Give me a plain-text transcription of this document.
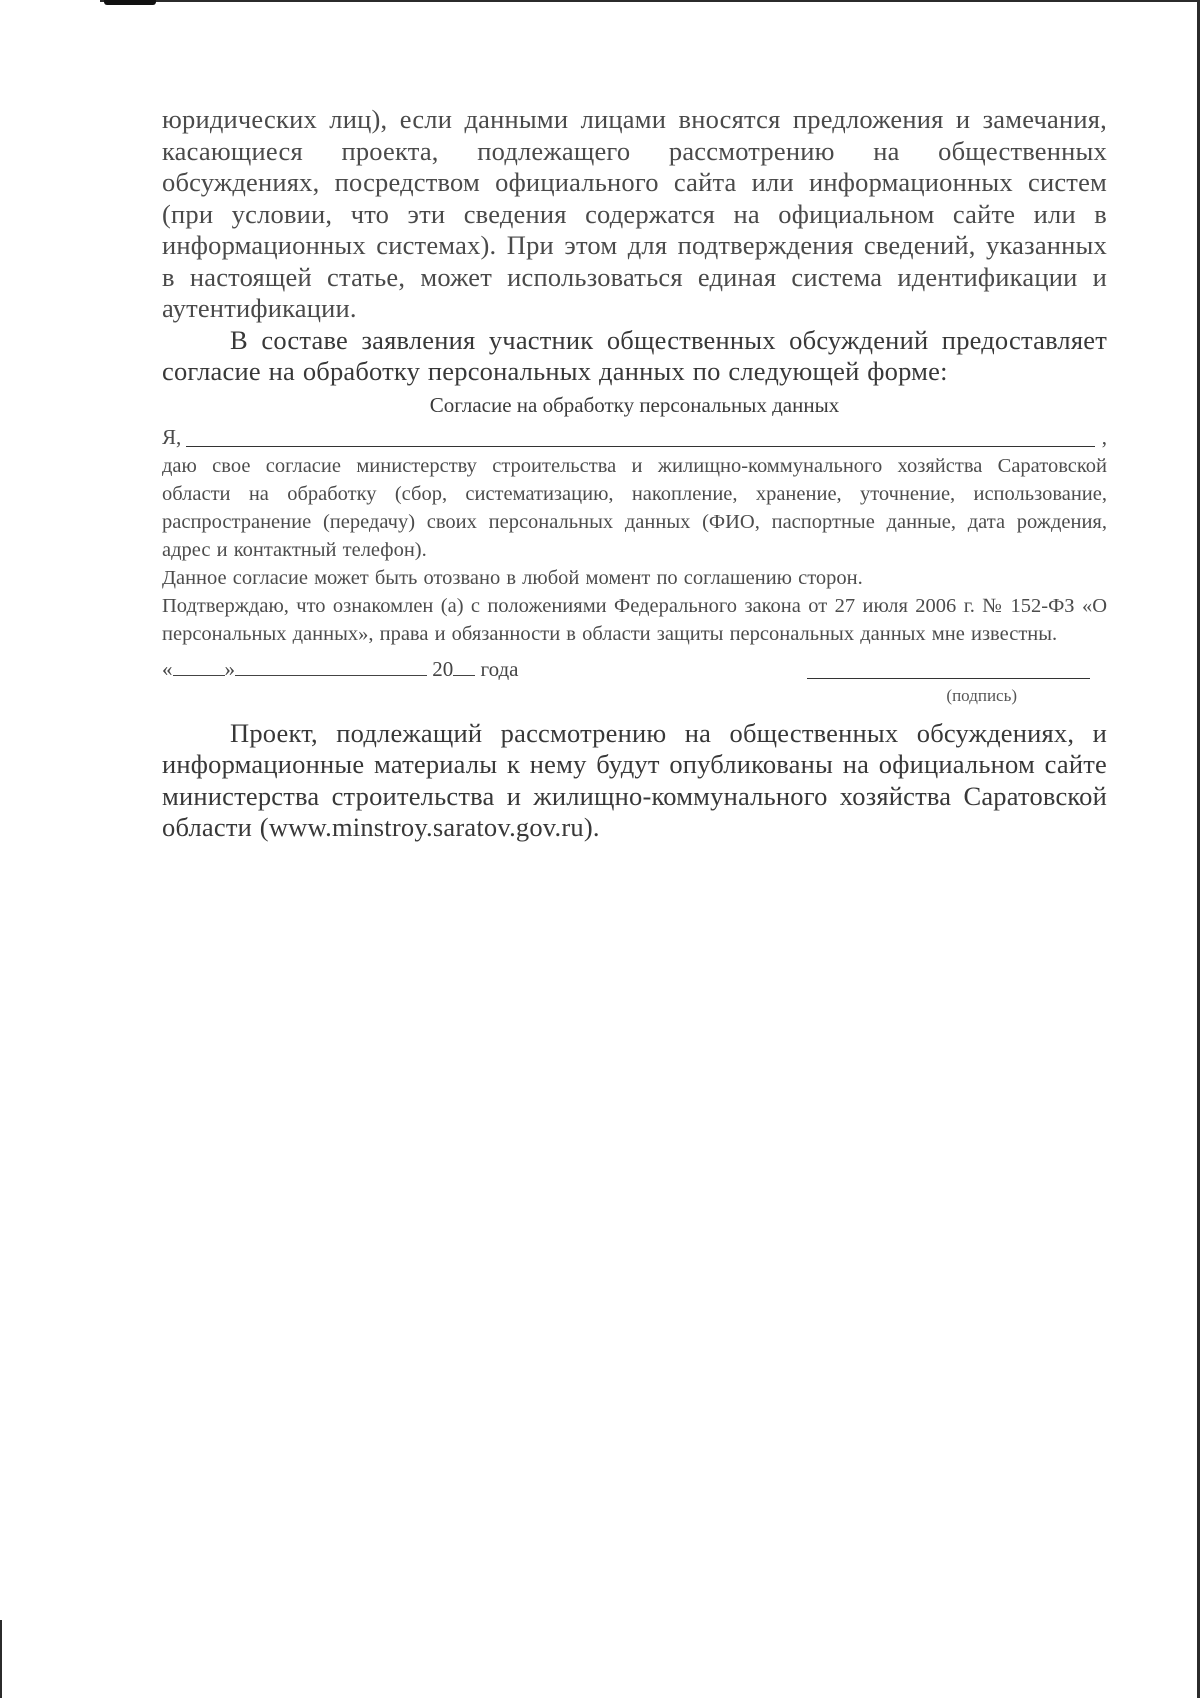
юридических лиц), если данными лицами вносятся предложения и замечания, касающиеся проекта, подлежащего рассмотрению на общественных обсуждениях, посредством официального сайта или информационных систем (при условии, что эти сведения содержатся на официальном сайте или в информационных системах). При этом для подтверждения сведений, указанных в настоящей статье, может использоваться единая система идентификации и аутентификации.

В составе заявления участник общественных обсуждений предоставляет согласие на обработку персональных данных по следующей форме:

Согласие на обработку персональных данных

Я,	,

даю свое согласие министерству строительства и жилищно-коммунального хозяйства Саратовской области на обработку (сбор, систематизацию, накопление, хранение, уточнение, использование, распространение (передачу) своих персональных данных (ФИО, паспортные данные, дата рождения, адрес и контактный телефон).

Данное согласие может быть отозвано в любой момент по соглашению сторон.

Подтверждаю, что ознакомлен (а) с положениями Федерального закона от 27 июля 2006 г. № 152-ФЗ «О персональных данных», права и обязанности в области защиты персональных данных мне известны.

« »	20 года
(подпись)

Проект, подлежащий рассмотрению на общественных обсуждениях, и информационные материалы к нему будут опубликованы на официальном сайте министерства строительства и жилищно-коммунального хозяйства Саратовской области (www.minstroy.saratov.gov.ru).
